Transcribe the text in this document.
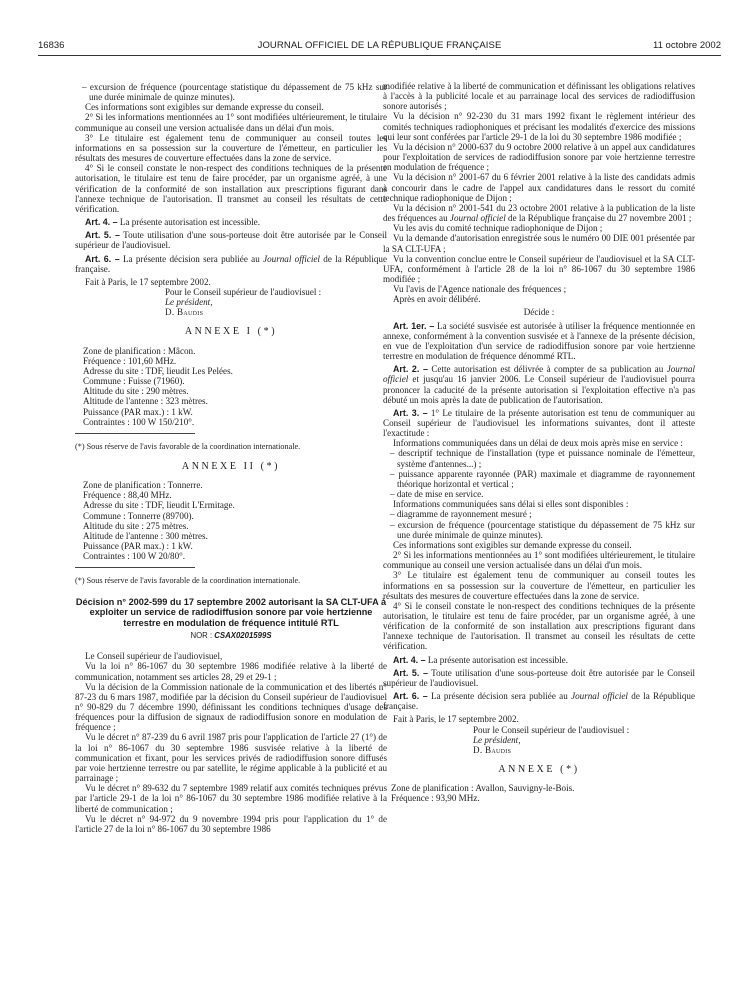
16836	JOURNAL OFFICIEL DE LA RÉPUBLIQUE FRANÇAISE	11 octobre 2002

– excursion de fréquence (pourcentage statistique du dépassement de 75 kHz sur une durée minimale de quinze minutes).

Ces informations sont exigibles sur demande expresse du conseil.

2° Si les informations mentionnées au 1° sont modifiées ultérieurement, le titulaire communique au conseil une version actualisée dans un délai d'un mois.

3° Le titulaire est également tenu de communiquer au conseil toutes les informations en sa possession sur la couverture de l'émetteur, en particulier les résultats des mesures de couverture effectuées dans la zone de service.

4° Si le conseil constate le non-respect des conditions techniques de la présente autorisation, le titulaire est tenu de faire procéder, par un organisme agréé, à une vérification de la conformité de son installation aux prescriptions figurant dans l'annexe technique de l'autorisation. Il transmet au conseil les résultats de cette vérification.

Art. 4. – La présente autorisation est incessible.

Art. 5. – Toute utilisation d'une sous-porteuse doit être autorisée par le Conseil supérieur de l'audiovisuel.

Art. 6. – La présente décision sera publiée au Journal officiel de la République française.

Fait à Paris, le 17 septembre 2002.

Pour le Conseil supérieur de l'audiovisuel :

Le président,

D. Baudis

ANNEXE I (*)

Zone de planification : Mâcon.

Fréquence : 101,60 MHz.

Adresse du site : TDF, lieudit Les Pelées.

Commune : Fuisse (71960).

Altitude du site : 290 mètres.

Altitude de l'antenne : 323 mètres.

Puissance (PAR max.) : 1 kW.

Contraintes : 100 W 150/210°.

(*) Sous réserve de l'avis favorable de la coordination internationale.

ANNEXE II (*)

Zone de planification : Tonnerre.

Fréquence : 88,40 MHz.

Adresse du site : TDF, lieudit L'Ermitage.

Commune : Tonnerre (89700).

Altitude du site : 275 mètres.

Altitude de l'antenne : 300 mètres.

Puissance (PAR max.) : 1 kW.

Contraintes : 100 W 20/80°.

(*) Sous réserve de l'avis favorable de la coordination internationale.

Décision n° 2002-599 du 17 septembre 2002 autorisant la SA CLT-UFA à exploiter un service de radiodiffusion sonore par voie hertzienne terrestre en modulation de fréquence intitulé RTL
NOR : CSAX0201599S

Le Conseil supérieur de l'audiovisuel,

Vu la loi n° 86-1067 du 30 septembre 1986 modifiée relative à la liberté de communication, notamment ses articles 28, 29 et 29-1 ;

Vu la décision de la Commission nationale de la communication et des libertés n° 87-23 du 6 mars 1987, modifiée par la décision du Conseil supérieur de l'audiovisuel n° 90-829 du 7 décembre 1990, définissant les conditions techniques d'usage des fréquences pour la diffusion de signaux de radiodiffusion sonore en modulation de fréquence ;

Vu le décret n° 87-239 du 6 avril 1987 pris pour l'application de l'article 27 (1°) de la loi n° 86-1067 du 30 septembre 1986 susvisée relative à la liberté de communication et fixant, pour les services privés de radiodiffusion sonore diffusés par voie hertzienne terrestre ou par satellite, le régime applicable à la publicité et au parrainage ;

Vu le décret n° 89-632 du 7 septembre 1989 relatif aux comités techniques prévus par l'article 29-1 de la loi n° 86-1067 du 30 septembre 1986 modifiée relative à la liberté de communication ;

Vu le décret n° 94-972 du 9 novembre 1994 pris pour l'application du 1° de l'article 27 de la loi n° 86-1067 du 30 septembre 1986

modifiée relative à la liberté de communication et définissant les obligations relatives à l'accès à la publicité locale et au parrainage local des services de radiodiffusion sonore autorisés ;

Vu la décision n° 92-230 du 31 mars 1992 fixant le règlement intérieur des comités techniques radiophoniques et précisant les modalités d'exercice des missions qui leur sont conférées par l'article 29-1 de la loi du 30 septembre 1986 modifiée ;

Vu la décision n° 2000-637 du 9 octobre 2000 relative à un appel aux candidatures pour l'exploitation de services de radiodiffusion sonore par voie hertzienne terrestre en modulation de fréquence ;

Vu la décision n° 2001-67 du 6 février 2001 relative à la liste des candidats admis à concourir dans le cadre de l'appel aux candidatures dans le ressort du comité technique radiophonique de Dijon ;

Vu la décision n° 2001-541 du 23 octobre 2001 relative à la publication de la liste des fréquences au Journal officiel de la République française du 27 novembre 2001 ;

Vu les avis du comité technique radiophonique de Dijon ;

Vu la demande d'autorisation enregistrée sous le numéro 00 DIE 001 présentée par la SA CLT-UFA ;

Vu la convention conclue entre le Conseil supérieur de l'audiovisuel et la SA CLT-UFA, conformément à l'article 28 de la loi n° 86-1067 du 30 septembre 1986 modifiée ;

Vu l'avis de l'Agence nationale des fréquences ;

Après en avoir délibéré.

Décide :

Art. 1er. – La société susvisée est autorisée à utiliser la fréquence mentionnée en annexe, conformément à la convention susvisée et à l'annexe de la présente décision, en vue de l'exploitation d'un service de radiodiffusion sonore par voie hertzienne terrestre en modulation de fréquence dénommé RTL.

Art. 2. – Cette autorisation est délivrée à compter de sa publication au Journal officiel et jusqu'au 16 janvier 2006. Le Conseil supérieur de l'audiovisuel pourra prononcer la caducité de la présente autorisation si l'exploitation effective n'a pas débuté un mois après la date de publication de l'autorisation.

Art. 3. – 1° Le titulaire de la présente autorisation est tenu de communiquer au Conseil supérieur de l'audiovisuel les informations suivantes, dont il atteste l'exactitude :

Informations communiquées dans un délai de deux mois après mise en service :

– descriptif technique de l'installation (type et puissance nominale de l'émetteur, système d'antennes...) ;

– puissance apparente rayonnée (PAR) maximale et diagramme de rayonnement théorique horizontal et vertical ;

– date de mise en service.

Informations communiquées sans délai si elles sont disponibles :

– diagramme de rayonnement mesuré ;

– excursion de fréquence (pourcentage statistique du dépassement de 75 kHz sur une durée minimale de quinze minutes).

Ces informations sont exigibles sur demande expresse du conseil.

2° Si les informations mentionnées au 1° sont modifiées ultérieurement, le titulaire communique au conseil une version actualisée dans un délai d'un mois.

3° Le titulaire est également tenu de communiquer au conseil toutes les informations en sa possession sur la couverture de l'émetteur, en particulier les résultats des mesures de couverture effectuées dans la zone de service.

4° Si le conseil constate le non-respect des conditions techniques de la présente autorisation, le titulaire est tenu de faire procéder, par un organisme agréé, à une vérification de la conformité de son installation aux prescriptions figurant dans l'annexe technique de l'autorisation. Il transmet au conseil les résultats de cette vérification.

Art. 4. – La présente autorisation est incessible.

Art. 5. – Toute utilisation d'une sous-porteuse doit être autorisée par le Conseil supérieur de l'audiovisuel.

Art. 6. – La présente décision sera publiée au Journal officiel de la République française.

Fait à Paris, le 17 septembre 2002.

Pour le Conseil supérieur de l'audiovisuel :

Le président,

D. Baudis

ANNEXE (*)

Zone de planification : Avallon, Sauvigny-le-Bois.

Fréquence : 93,90 MHz.
